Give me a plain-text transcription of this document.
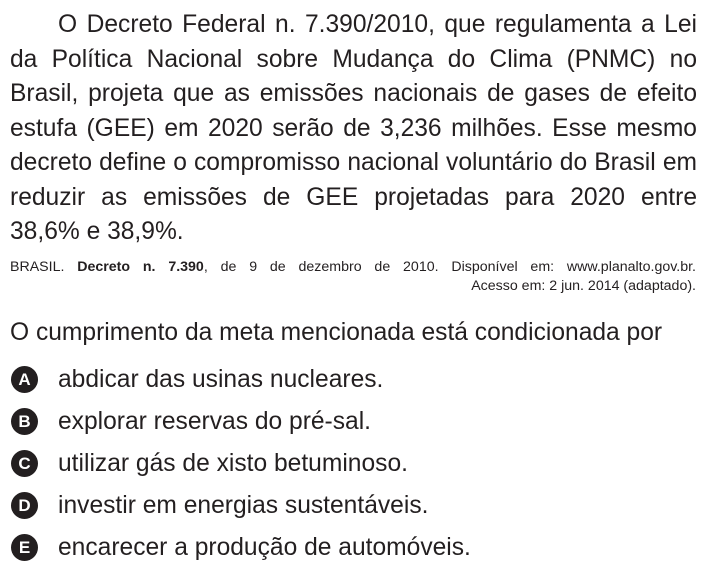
O Decreto Federal n. 7.390/2010, que regulamenta a Lei da Política Nacional sobre Mudança do Clima (PNMC) no Brasil, projeta que as emissões nacionais de gases de efeito estufa (GEE) em 2020 serão de 3,236 milhões. Esse mesmo decreto define o compromisso nacional voluntário do Brasil em reduzir as emissões de GEE projetadas para 2020 entre 38,6% e 38,9%.

BRASIL. Decreto n. 7.390, de 9 de dezembro de 2010. Disponível em: www.planalto.gov.br.
Acesso em: 2 jun. 2014 (adaptado).
O cumprimento da meta mencionada está condicionada por
A abdicar das usinas nucleares.
B explorar reservas do pré-sal.
C utilizar gás de xisto betuminoso.
D investir em energias sustentáveis.
E	encarecer a produção de automóveis.
